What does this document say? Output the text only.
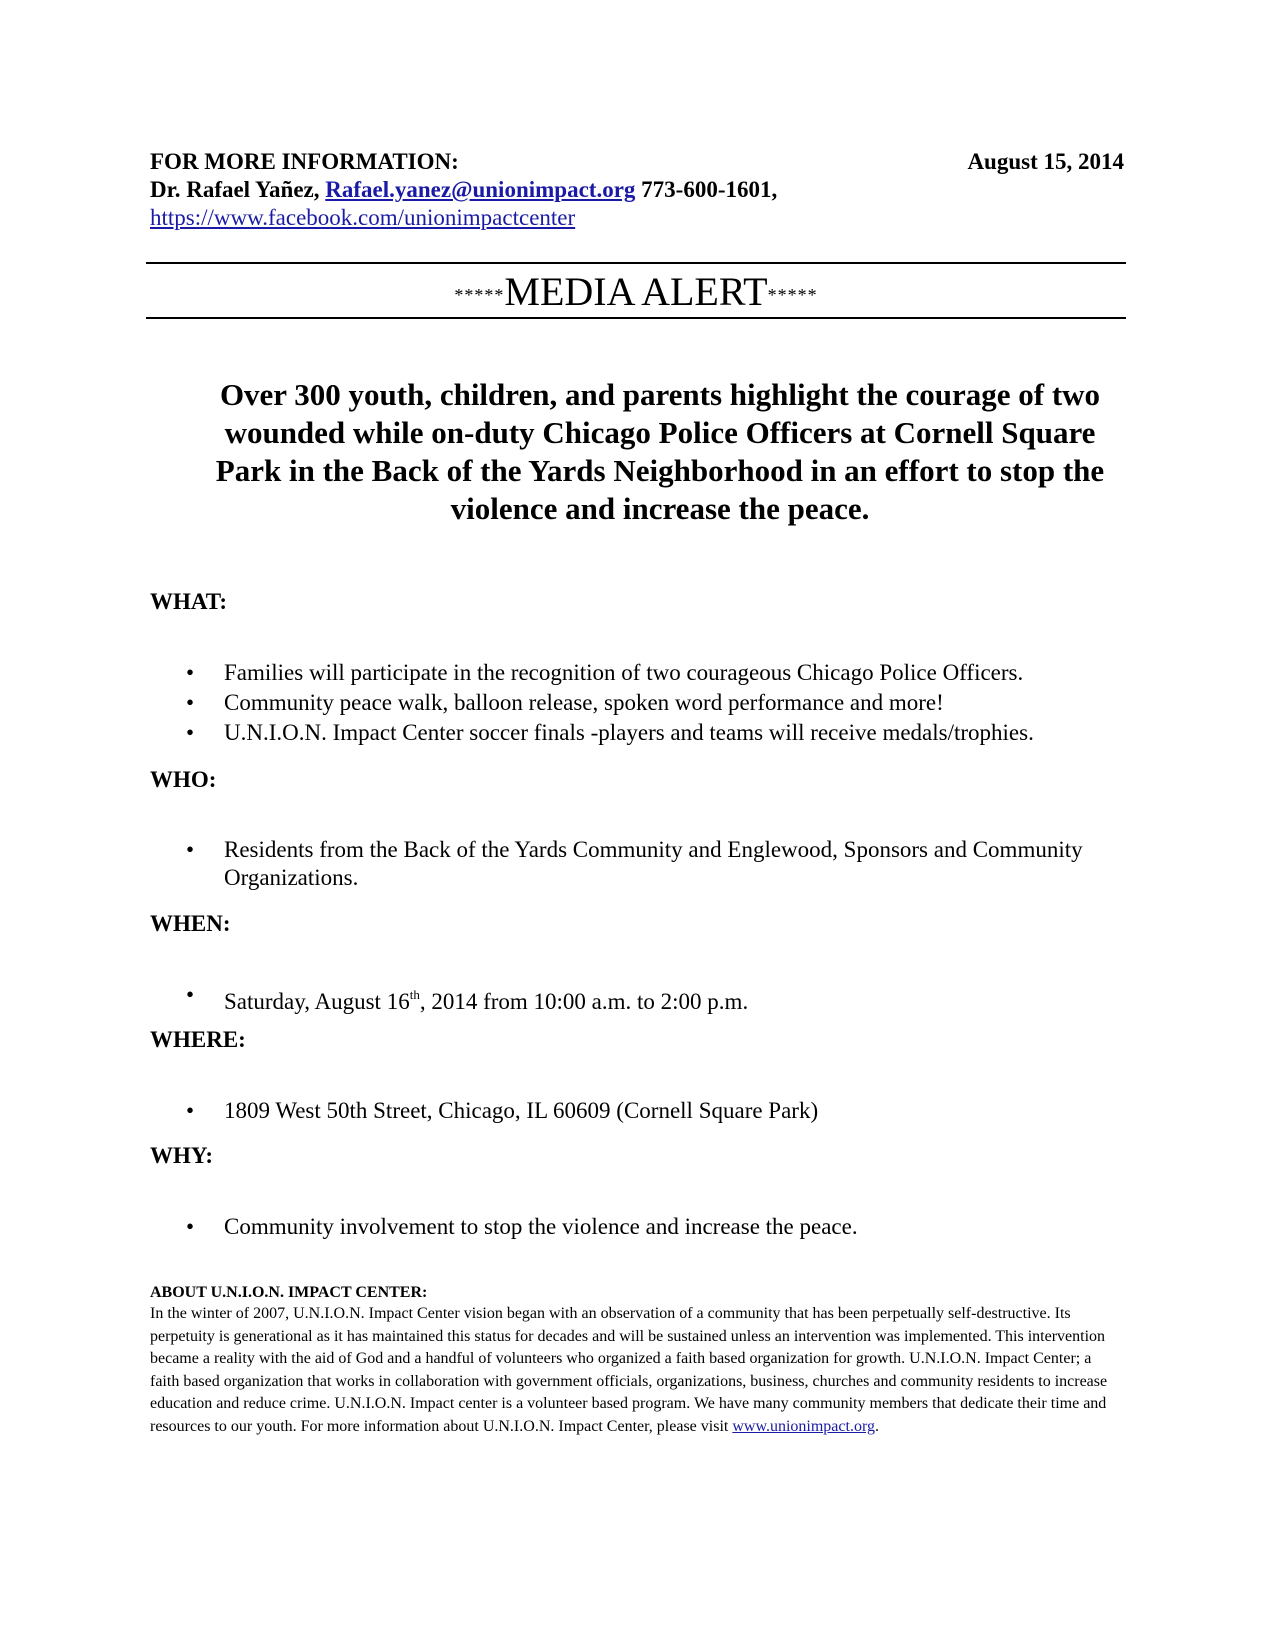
FOR MORE INFORMATION:	August 15, 2014
Dr. Rafael Yañez, Rafael.yanez@unionimpact.org 773-600-1601,
https://www.facebook.com/unionimpactcenter
*****MEDIA ALERT*****
Over 300 youth, children, and parents highlight the courage of two wounded while on-duty Chicago Police Officers at Cornell Square Park in the Back of the Yards Neighborhood in an effort to stop the violence and increase the peace.

WHAT:

• Families will participate in the recognition of two courageous Chicago Police Officers.
• Community peace walk, balloon release, spoken word performance and more!
• U.N.I.O.N. Impact Center soccer finals -players and teams will receive medals/trophies.

WHO:

• Residents from the Back of the Yards Community and Englewood, Sponsors and Community Organizations.

WHEN:

• Saturday, August 16th, 2014 from 10:00 a.m. to 2:00 p.m.

WHERE:

• 1809 West 50th Street, Chicago, IL 60609 (Cornell Square Park)

WHY:

• Community involvement to stop the violence and increase the peace.
ABOUT U.N.I.O.N. IMPACT CENTER:
In the winter of 2007, U.N.I.O.N. Impact Center vision began with an observation of a community that has been perpetually self-destructive. Its perpetuity is generational as it has maintained this status for decades and will be sustained unless an intervention was implemented. This intervention became a reality with the aid of God and a handful of volunteers who organized a faith based organization for growth. U.N.I.O.N. Impact Center; a faith based organization that works in collaboration with government officials, organizations, business, churches and community residents to increase education and reduce crime. U.N.I.O.N. Impact center is a volunteer based program. We have many community members that dedicate their time and resources to our youth. For more information about U.N.I.O.N. Impact Center, please visit www.unionimpact.org.
